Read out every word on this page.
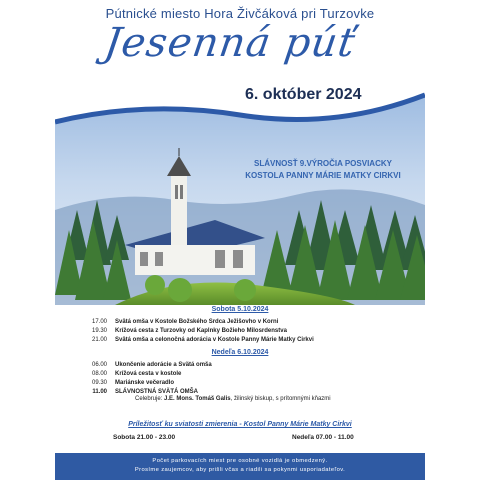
Pútnické miesto Hora Živčáková pri Turzovke
Jesenná púť
6. október 2024
SLÁVNOSŤ 9.VÝROČIA POSVIACKY
KOSTOLA PANNY MÁRIE MATKY CIRKVI
Sobota 5.10.2024
17.00	Svätá omša v Kostole Božského Srdca Ježišovho v Korni
19.30	Krížová cesta z Turzovky od Kaplnky Božieho Milosrdenstva
21.00	Svätá omša a celonočná adorácia v Kostole Panny Márie Matky Cirkvi
Nedeľa 6.10.2024
06.00	Ukončenie adorácie a Svätá omša
08.00	Krížová cesta v kostole
09.30	Mariánske večeradlo
11.00	SLÁVNOSTNÁ SVÄTÁ OMŠA
Celebruje: J.E. Mons. Tomáš Galis, žilinský biskup, s prítomnými kňazmi
Príležitosť ku sviatosti zmierenia - Kostol Panny Márie Matky Cirkvi
Sobota 21.00 - 23.00	Nedeľa 07.00 - 11.00
Počet parkovacích miest pre osobné vozidlá je obmedzený.
Prosíme zaujemcov, aby prišli včas a riadili sa pokynmi usporiadateľov.
